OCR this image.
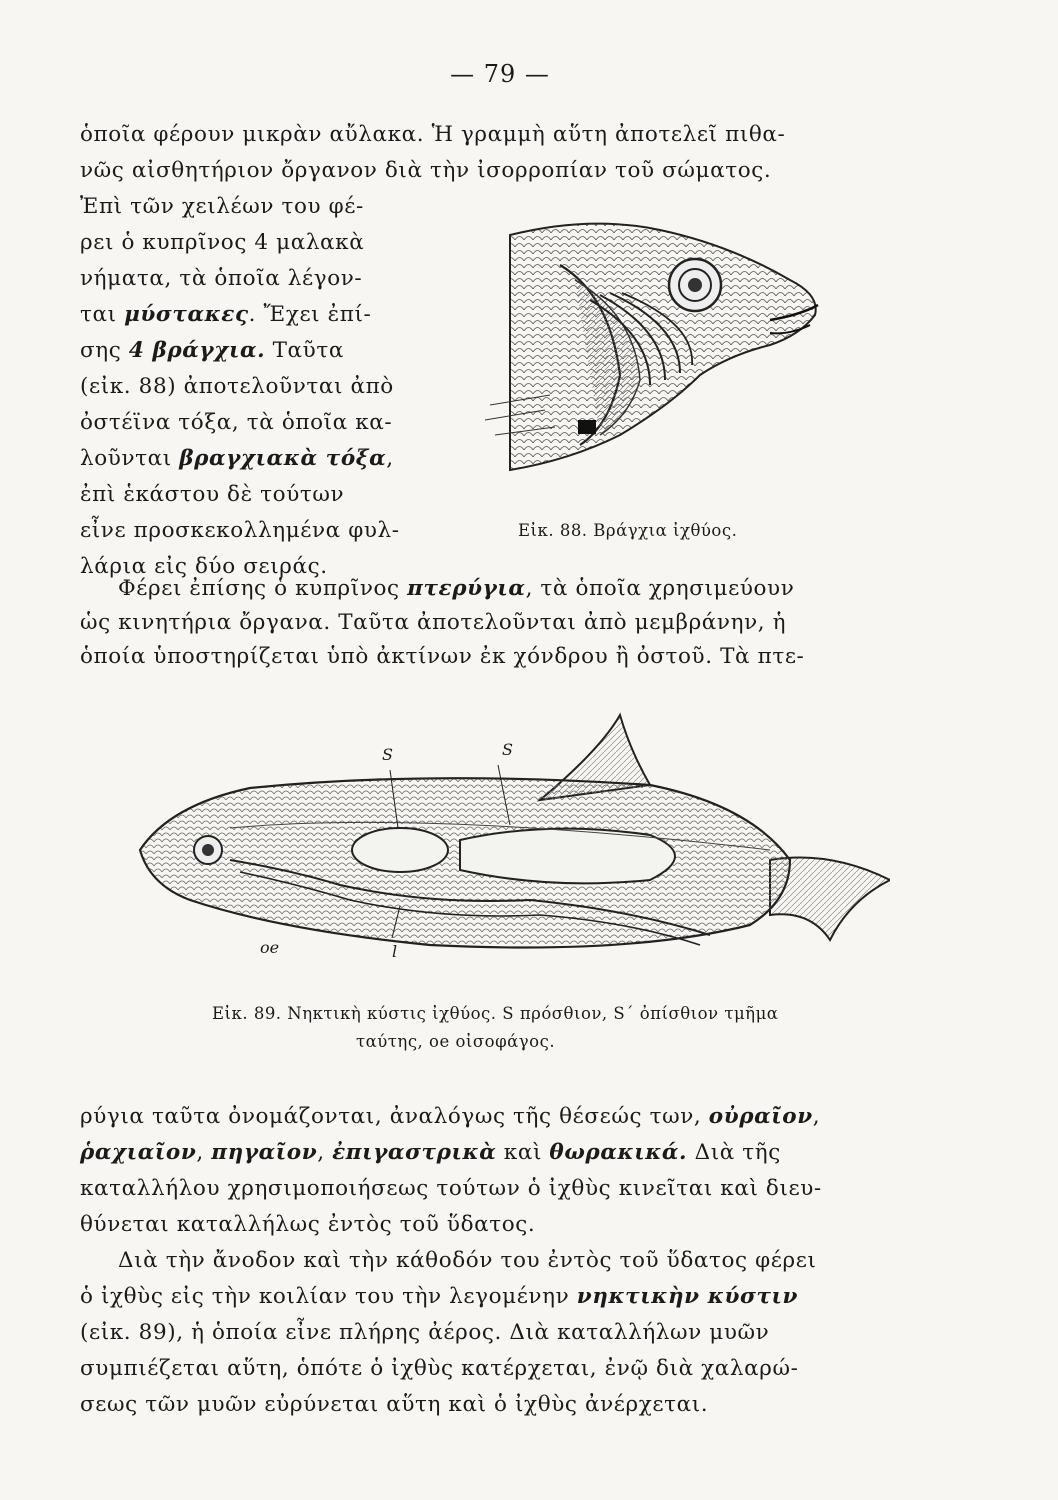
— 79 —
ὁποῖα φέρουν μικρὰν αὔλακα. Ἡ γραμμὴ αὕτη ἀποτελεῖ πιθα-
νῶς αἰσθητήριον ὄργανον διὰ τὴν ἰσορροπίαν τοῦ σώματος.
Ἐπὶ τῶν χειλέων του φέ-
ρει ὁ κυπρῖνος 4 μαλακὰ
νήματα, τὰ ὁποῖα λέγον-
ται μύστακες. Ἔχει ἐπί-
σης 4 βράγχια. Ταῦτα
(εἰκ. 88) ἀποτελοῦνται ἀπὸ
ὀστέϊνα τόξα, τὰ ὁποῖα κα-
λοῦνται βραγχιακὰ τόξα,
ἐπὶ ἑκάστου δὲ τούτων
εἶνε προσκεκολλημένα φυλ-
λάρια εἰς δύο σειράς.
Εἰκ. 88. Βράγχια ἰχθύος.
Φέρει ἐπίσης ὁ κυπρῖνος πτερύγια, τὰ ὁποῖα χρησιμεύουν
ὡς κινητήρια ὄργανα. Ταῦτα ἀποτελοῦνται ἀπὸ μεμβράνην, ἡ
ὁποία ὑποστηρίζεται ὑπὸ ἀκτίνων ἐκ χόνδρου ἢ ὀστοῦ. Τὰ πτε-
S	S
oe	l
Εἰκ. 89. Νηκτικὴ κύστις ἰχθύος. S πρόσθιον, S´ ὀπίσθιον τμῆμα
ταύτης, oe οἰσοφάγος.
ρύγια ταῦτα ὀνομάζονται, ἀναλόγως τῆς θέσεώς των, οὐραῖον,
ῥαχιαῖον, πηγαῖον, ἐπιγαστρικὰ καὶ θωρακικά. Διὰ τῆς
καταλλήλου χρησιμοποιήσεως τούτων ὁ ἰχθὺς κινεῖται καὶ διευ-
θύνεται καταλλήλως ἐντὸς τοῦ ὕδατος.
Διὰ τὴν ἄνοδον καὶ τὴν κάθοδόν του ἐντὸς τοῦ ὕδατος φέρει
ὁ ἰχθὺς εἰς τὴν κοιλίαν του τὴν λεγομένην νηκτικὴν κύστιν
(εἰκ. 89), ἡ ὁποία εἶνε πλήρης ἀέρος. Διὰ καταλλήλων μυῶν
συμπιέζεται αὕτη, ὁπότε ὁ ἰχθὺς κατέρχεται, ἐνῷ διὰ χαλαρώ-
σεως τῶν μυῶν εὐρύνεται αὕτη καὶ ὁ ἰχθὺς ἀνέρχεται.
